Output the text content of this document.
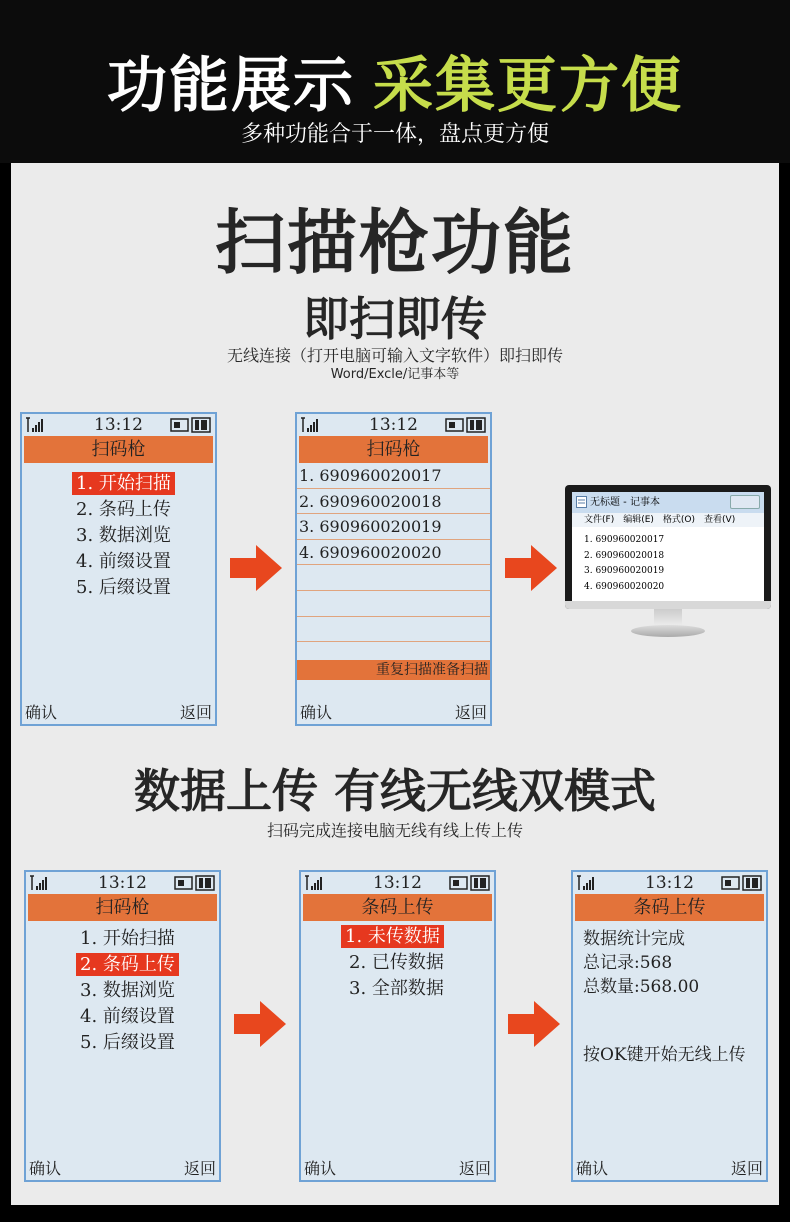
功能展示 采集更方便
多种功能合于一体，盘点更方便
扫描枪功能
即扫即传
无线连接（打开电脑可输入文字软件）即扫即传
Word/Excle/记事本等
数据上传 有线无线双模式
扫码完成连接电脑无线有线上传上传
13:12
扫码枪
1. 开始扫描
2. 条码上传
3. 数据浏览
4. 前缀设置
5. 后缀设置
确认	返回
13:12
扫码枪
1. 690960020017
2. 690960020018
3. 690960020019
4. 690960020020
重复扫描准备扫描
确认	返回
无标题 - 记事本
文件(F) 编辑(E) 格式(O) 查看(V)
1. 690960020017
2. 690960020018
3. 690960020019
4. 690960020020
13:12
扫码枪
1. 开始扫描
2. 条码上传
3. 数据浏览
4. 前缀设置
5. 后缀设置
确认	返回
13:12
条码上传
1. 未传数据
2. 已传数据
3. 全部数据
确认	返回
13:12
条码上传
数据统计完成
总记录:568
总数量:568.00
按OK键开始无线上传
确认	返回
